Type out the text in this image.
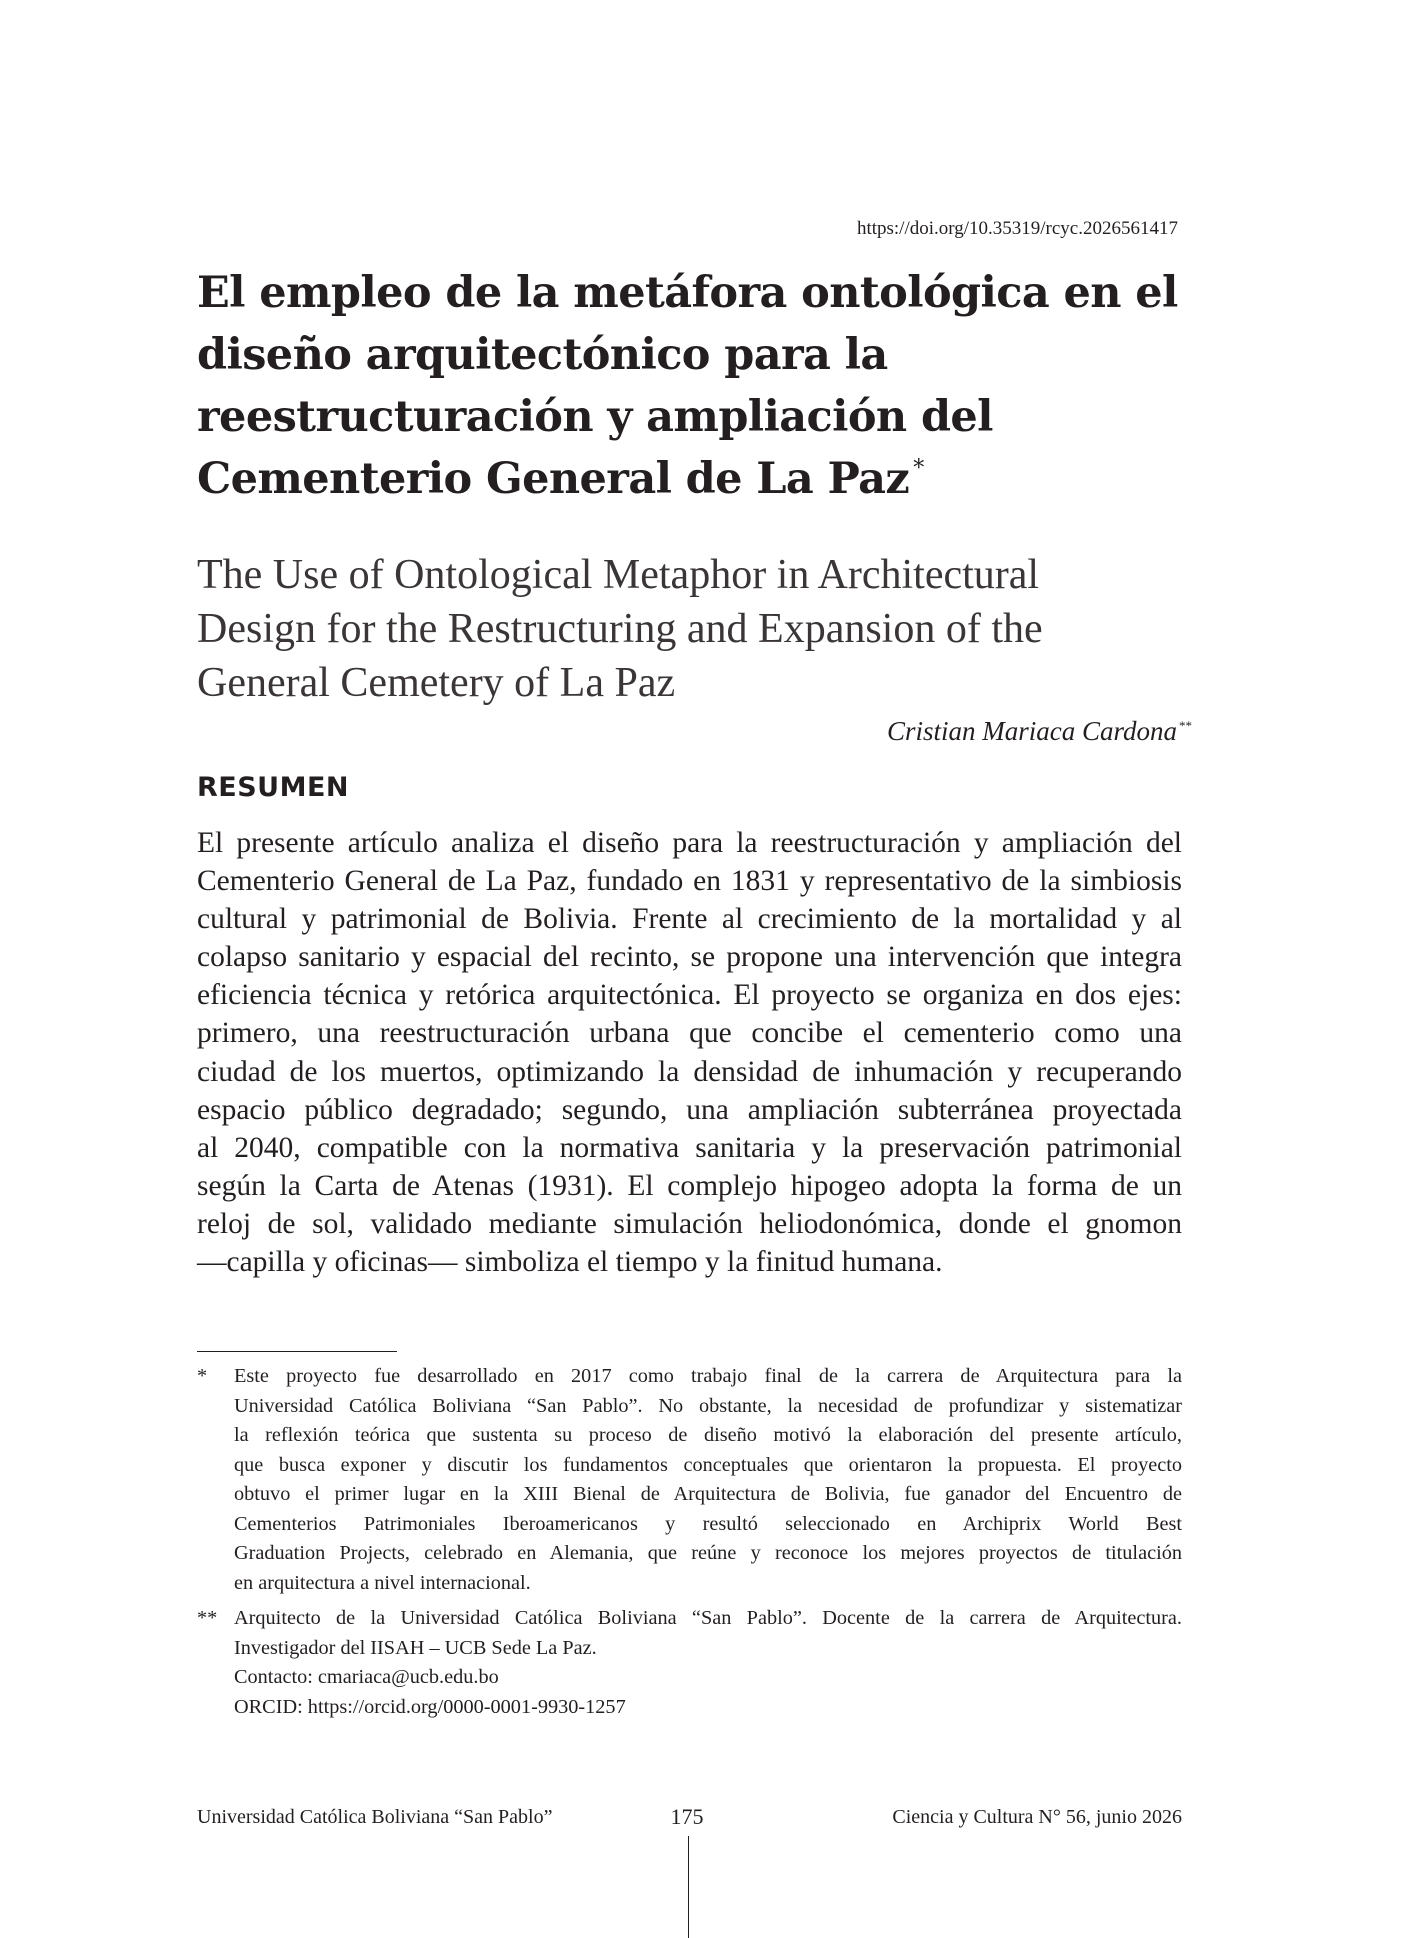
https://doi.org/10.35319/rcyc.2026561417
El empleo de la metáfora ontológica en el
diseño arquitectónico para la
reestructuración y ampliación del
Cementerio General de La Paz *
The Use of Ontological Metaphor in Architectural
Design for the Restructuring and Expansion of the
General Cemetery of La Paz
Cristian Mariaca Cardona **
RESUMEN

El presente artículo analiza el diseño para la reestructuración y ampliación del
Cementerio General de La Paz, fundado en 1831 y representativo de la simbiosis
cultural y patrimonial de Bolivia. Frente al crecimiento de la mortalidad y al
colapso sanitario y espacial del recinto, se propone una intervención que integra
eficiencia técnica y retórica arquitectónica. El proyecto se organiza en dos ejes:
primero, una reestructuración urbana que concibe el cementerio como una
ciudad de los muertos, optimizando la densidad de inhumación y recuperando
espacio público degradado; segundo, una ampliación subterránea proyectada
al 2040, compatible con la normativa sanitaria y la preservación patrimonial
según la Carta de Atenas (1931). El complejo hipogeo adopta la forma de un
reloj de sol, validado mediante simulación heliodonómica, donde el gnomon
—capilla y oficinas— simboliza el tiempo y la finitud humana.

* Este proyecto fue desarrollado en 2017 como trabajo final de la carrera de Arquitectura para la
Universidad Católica Boliviana “San Pablo”. No obstante, la necesidad de profundizar y sistematizar
la reflexión teórica que sustenta su proceso de diseño motivó la elaboración del presente artículo,
que busca exponer y discutir los fundamentos conceptuales que orientaron la propuesta. El proyecto
obtuvo el primer lugar en la XIII Bienal de Arquitectura de Bolivia, fue ganador del Encuentro de
Cementerios Patrimoniales Iberoamericanos y resultó seleccionado en Archiprix World Best
Graduation Projects, celebrado en Alemania, que reúne y reconoce los mejores proyectos de titulación
en arquitectura a nivel internacional.
** Arquitecto de la Universidad Católica Boliviana “San Pablo”. Docente de la carrera de Arquitectura.
Investigador del IISAH – UCB Sede La Paz.
Contacto: cmariaca@ucb.edu.bo
ORCID: https://orcid.org/0000-0001-9930-1257
Universidad Católica Boliviana “San Pablo”	175	Ciencia y Cultura N° 56, junio 2026
